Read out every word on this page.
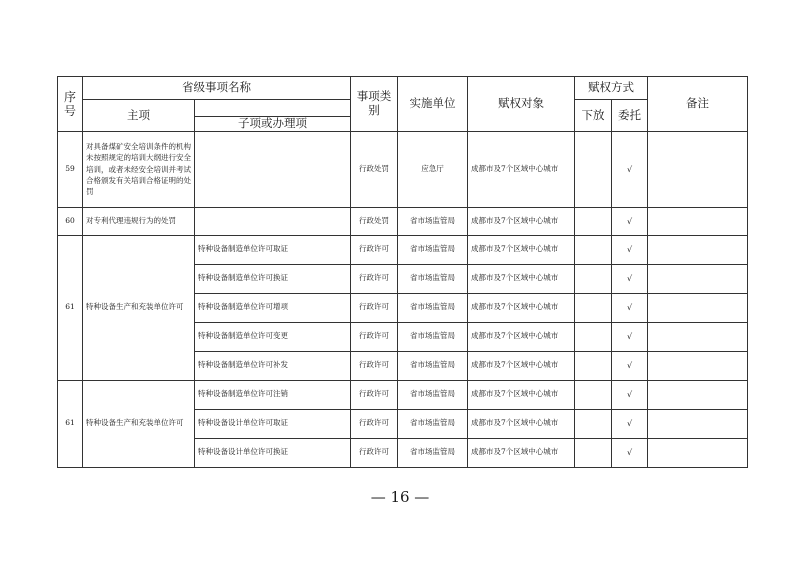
序号	省级事项名称		事项类别	实施单位	赋权对象	赋权方式		备注
	主项					下放	委托	
		子项或办理项						
59	对具备煤矿安全培训条件的机构未按照规定的培训大纲进行安全培训，或者未经安全培训并考试合格颁发有关培训合格证明的处罚		行政处罚	应急厅	成都市及7个区域中心城市		√	
60	对专利代理违规行为的处罚		行政处罚	省市场监管局	成都市及7个区域中心城市		√	
61	特种设备生产和充装单位许可	特种设备制造单位许可取证	行政许可	省市场监管局	成都市及7个区域中心城市		√	
		特种设备制造单位许可换证	行政许可	省市场监管局	成都市及7个区域中心城市		√	
		特种设备制造单位许可增项	行政许可	省市场监管局	成都市及7个区域中心城市		√	
		特种设备制造单位许可变更	行政许可	省市场监管局	成都市及7个区域中心城市		√	
		特种设备制造单位许可补发	行政许可	省市场监管局	成都市及7个区域中心城市		√	
61	特种设备生产和充装单位许可	特种设备制造单位许可注销	行政许可	省市场监管局	成都市及7个区域中心城市		√	
		特种设备设计单位许可取证	行政许可	省市场监管局	成都市及7个区域中心城市		√	
		特种设备设计单位许可换证	行政许可	省市场监管局	成都市及7个区域中心城市		√	
— 16 —
